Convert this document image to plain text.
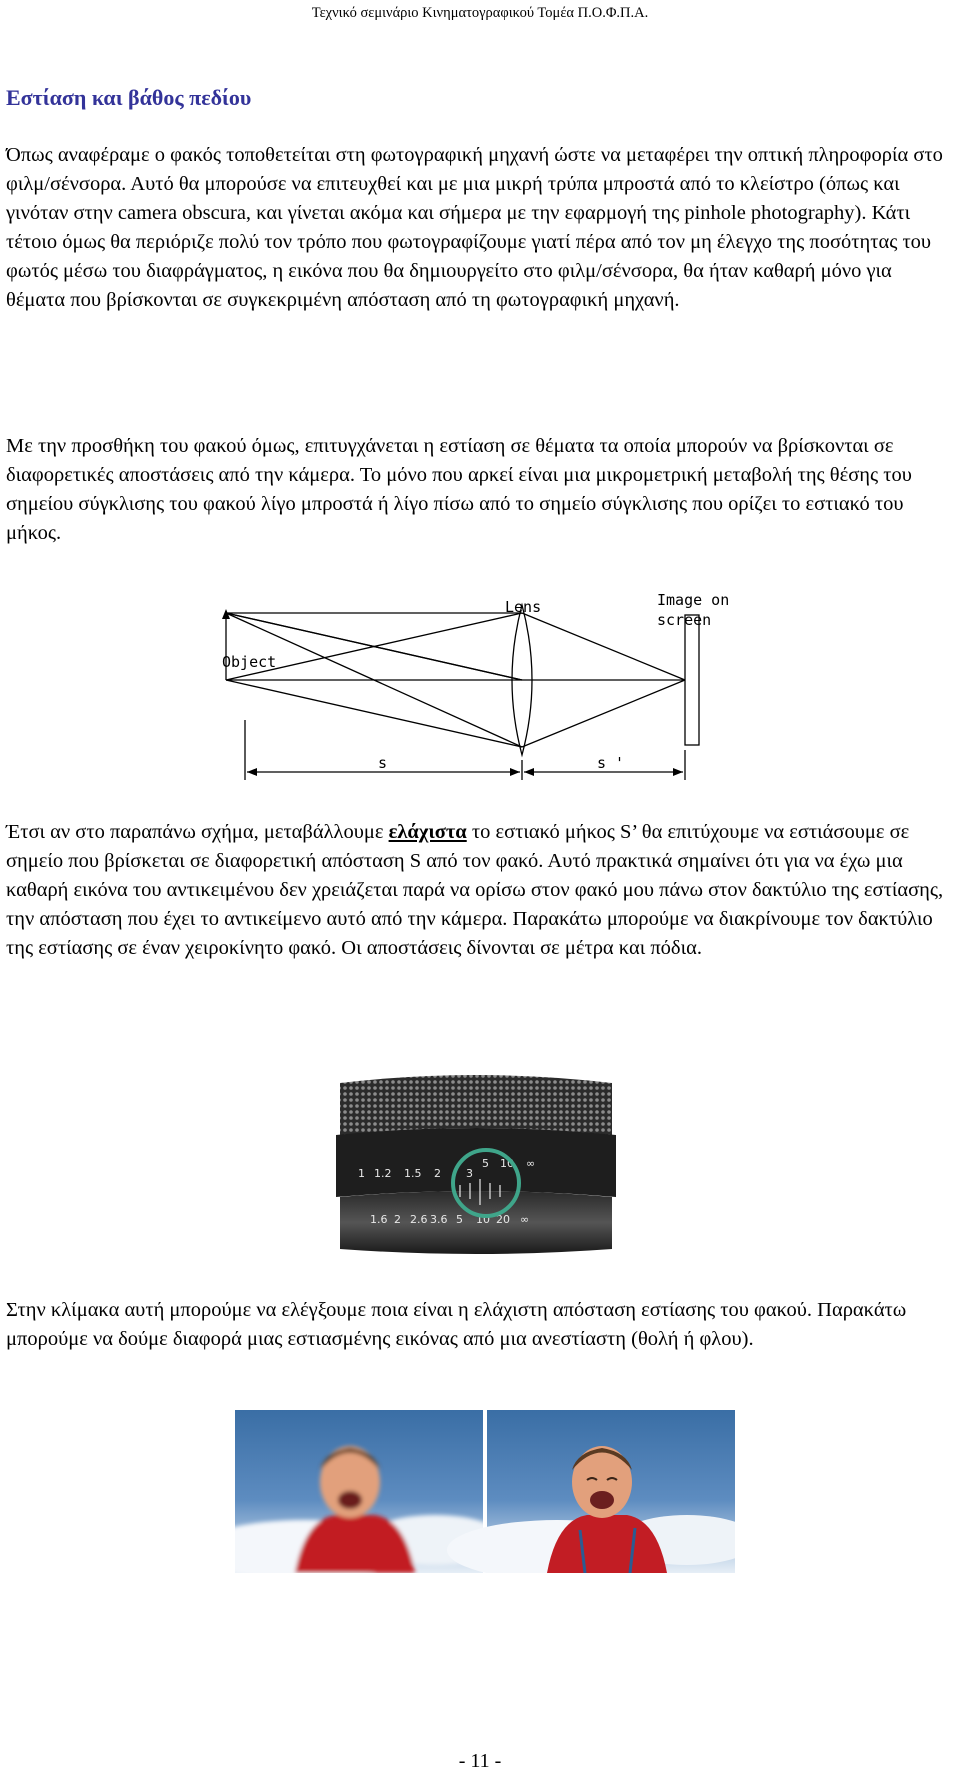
Τεχνικό σεμινάριο Κινηματογραφικού Τομέα Π.Ο.Φ.Π.Α.
Εστίαση και βάθος πεδίου

Όπως αναφέραμε ο φακός τοποθετείται στη φωτογραφική μηχανή ώστε να μεταφέρει την οπτική πληροφορία στο φιλμ/σένσορα. Αυτό θα μπορούσε να επιτευχθεί και με μια μικρή τρύπα μπροστά από το κλείστρο (όπως και γινόταν στην camera obscura, και γίνεται ακόμα και σήμερα με την εφαρμογή της pinhole photography). Κάτι τέτοιο όμως θα περιόριζε πολύ τον τρόπο που φωτογραφίζουμε γιατί πέρα από τον μη έλεγχο της ποσότητας του φωτός μέσω του διαφράγματος, η εικόνα που θα δημιουργείτο στο φιλμ/σένσορα, θα ήταν καθαρή μόνο για θέματα που βρίσκονται σε συγκεκριμένη απόσταση από τη φωτογραφική μηχανή.

Με την προσθήκη του φακού όμως, επιτυγχάνεται η εστίαση σε θέματα τα οποία μπορούν να βρίσκονται σε διαφορετικές αποστάσεις από την κάμερα. Το μόνο που αρκεί είναι μια μικρομετρική μεταβολή της θέσης του σημείου σύγκλισης του φακού λίγο μπροστά ή λίγο πίσω από το σημείο σύγκλισης που ορίζει το εστιακό του μήκος.

Lens	Image on
screen
Object
s	s '

Έτσι αν στο παραπάνω σχήμα, μεταβάλλουμε ελάχιστα το εστιακό μήκος S’ θα επιτύχουμε να εστιάσουμε σε σημείο που βρίσκεται σε διαφορετική απόσταση S από τον φακό. Αυτό πρακτικά σημαίνει ότι για να έχω μια καθαρή εικόνα του αντικειμένου δεν χρειάζεται παρά να ορίσω στον φακό μου πάνω στον δακτύλιο της εστίασης, την απόσταση που έχει το αντικείμενο αυτό από την κάμερα. Παρακάτω μπορούμε να διακρίνουμε τον δακτύλιο της εστίασης σε έναν χειροκίνητο φακό. Οι αποστάσεις δίνονται σε μέτρα και πόδια.

1 1.2 1.5 2 3
5 10 ∞
1.6 2 2.6 3.6 5 10 20 ∞

Στην κλίμακα αυτή μπορούμε να ελέγξουμε ποια είναι η ελάχιστη απόσταση εστίασης του φακού. Παρακάτω μπορούμε να δούμε διαφορά μιας εστιασμένης εικόνας από μια ανεστίαστη (θολή ή φλου).

- 11 -
